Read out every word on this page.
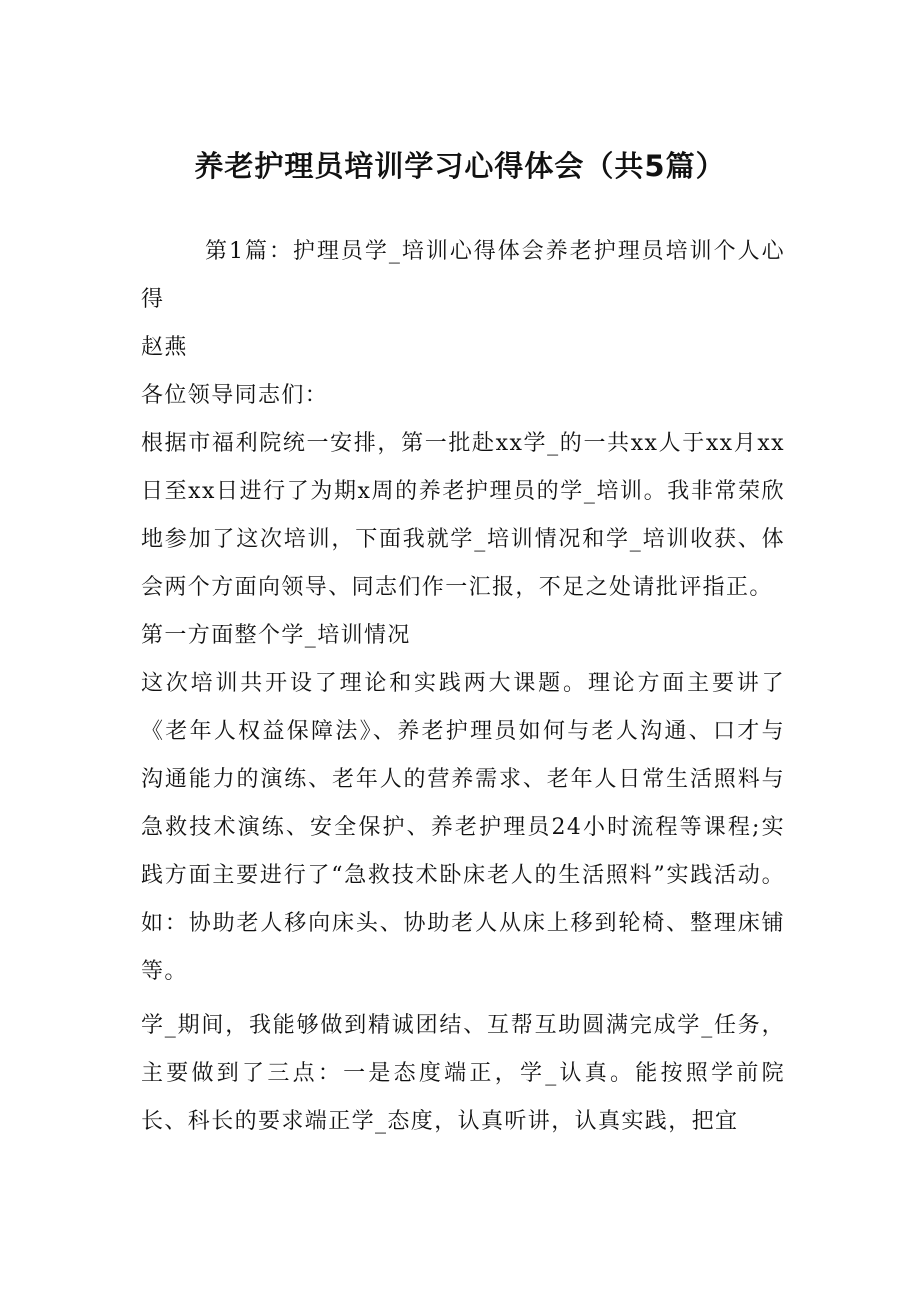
养老护理员培训学习心得体会（共5篇）

第1篇：护理员学_培训心得体会养老护理员培训个人心得

赵燕

各位领导同志们：

根据市福利院统一安排，第一批赴xx学_的一共xx人于xx月xx日至xx日进行了为期x周的养老护理员的学_培训。我非常荣欣地参加了这次培训，下面我就学_培训情况和学_培训收获、体会两个方面向领导、同志们作一汇报，不足之处请批评指正。

第一方面整个学_培训情况

这次培训共开设了理论和实践两大课题。理论方面主要讲了《老年人权益保障法》、养老护理员如何与老人沟通、口才与沟通能力的演练、老年人的营养需求、老年人日常生活照料与急救技术演练、安全保护、养老护理员24小时流程等课程;实践方面主要进行了“急救技术卧床老人的生活照料”实践活动。如：协助老人移向床头、协助老人从床上移到轮椅、整理床铺等。

学_期间，我能够做到精诚团结、互帮互助圆满完成学_任务，主要做到了三点：一是态度端正，学_认真。能按照学前院长、科长的要求端正学_态度，认真听讲，认真实践，把宜
